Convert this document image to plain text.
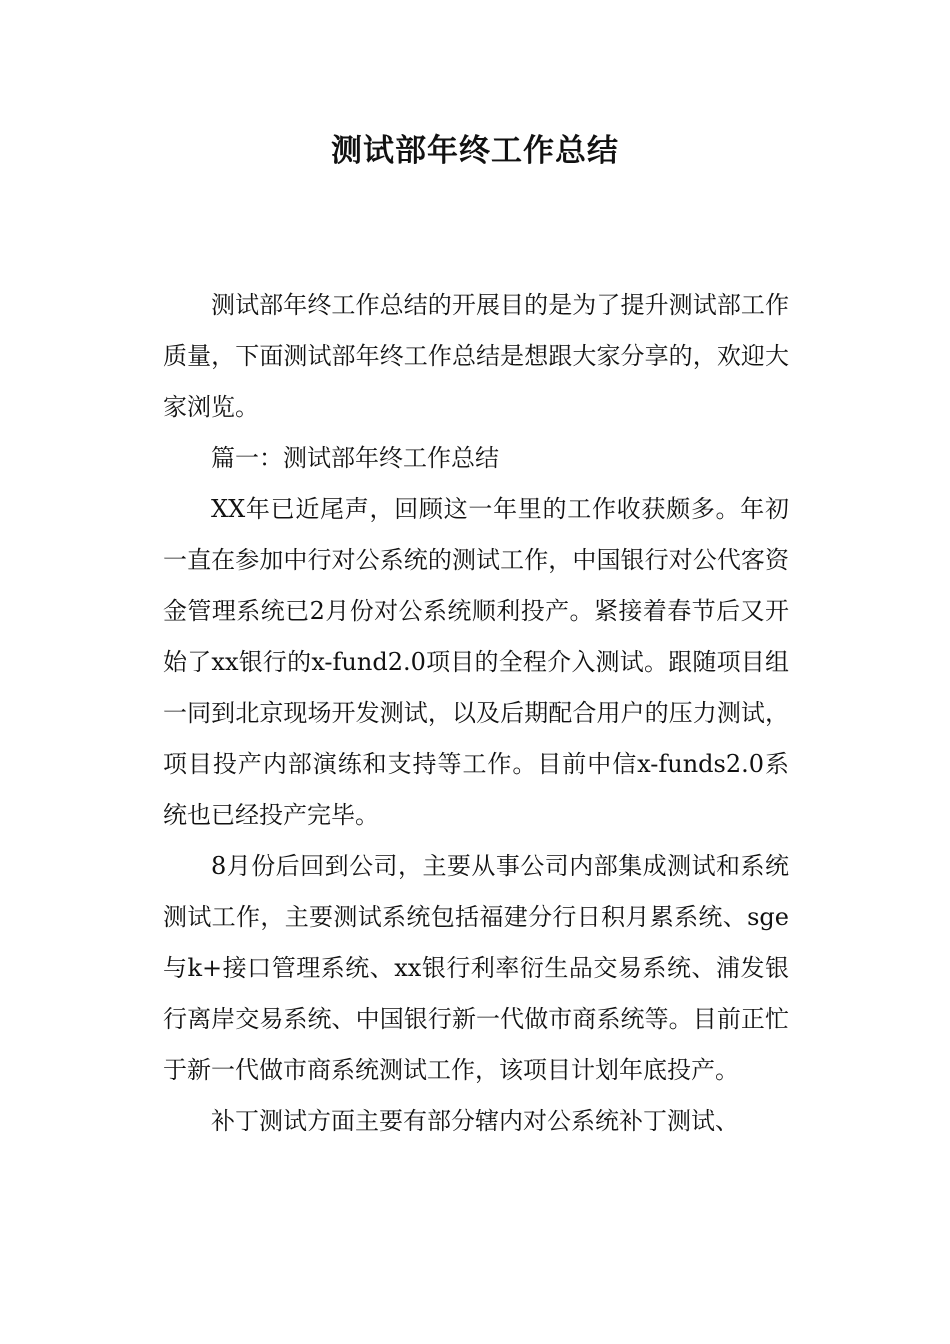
测试部年终工作总结

测试部年终工作总结的开展目的是为了提升测试部工作质量，下面测试部年终工作总结是想跟大家分享的，欢迎大家浏览。

篇一：测试部年终工作总结

XX年已近尾声，回顾这一年里的工作收获颇多。年初一直在参加中行对公系统的测试工作，中国银行对公代客资金管理系统已2月份对公系统顺利投产。紧接着春节后又开始了xx银行的x-fund2.0项目的全程介入测试。跟随项目组一同到北京现场开发测试，以及后期配合用户的压力测试，项目投产内部演练和支持等工作。目前中信x-funds2.0系统也已经投产完毕。

8月份后回到公司，主要从事公司内部集成测试和系统测试工作，主要测试系统包括福建分行日积月累系统、sge与k+接口管理系统、xx银行利率衍生品交易系统、浦发银行离岸交易系统、中国银行新一代做市商系统等。目前正忙于新一代做市商系统测试工作，该项目计划年底投产。

补丁测试方面主要有部分辖内对公系统补丁测试、
